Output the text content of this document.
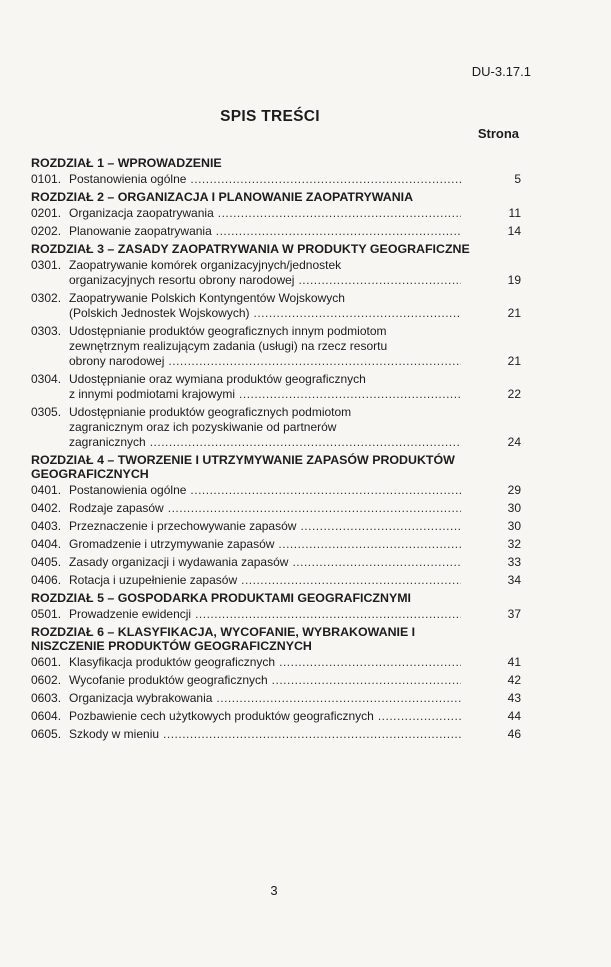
DU-3.17.1
SPIS TREŚCI
Strona
ROZDZIAŁ 1 – WPROWADZENIE
0101. Postanowienia ogólne .....	5
ROZDZIAŁ 2 – ORGANIZACJA I PLANOWANIE ZAOPATRYWANIA
0201. Organizacja zaopatrywania .....	11
0202. Planowanie zaopatrywania .....	14
ROZDZIAŁ 3 – ZASADY ZAOPATRYWANIA W PRODUKTY GEOGRAFICZNE
0301. Zaopatrywanie komórek organizacyjnych/jednostek
organizacyjnych resortu obrony narodowej .....	19
0302. Zaopatrywanie Polskich Kontyngentów Wojskowych
(Polskich Jednostek Wojskowych) .....	21
0303. Udostępnianie produktów geograficznych innym podmiotom
zewnętrznym realizującym zadania (usługi) na rzecz resortu
obrony narodowej .....	21
0304. Udostępnianie oraz wymiana produktów geograficznych
z innymi podmiotami krajowymi .....	22
0305. Udostępnianie produktów geograficznych podmiotom
zagranicznym oraz ich pozyskiwanie od partnerów
zagranicznych .....	24
ROZDZIAŁ 4 – TWORZENIE I UTRZYMYWANIE ZAPASÓW PRODUKTÓW GEOGRAFICZNYCH
0401. Postanowienia ogólne .....	29
0402. Rodzaje zapasów .....	30
0403. Przeznaczenie i przechowywanie zapasów .....	30
0404. Gromadzenie i utrzymywanie zapasów .....	32
0405. Zasady organizacji i wydawania zapasów .....	33
0406. Rotacja i uzupełnienie zapasów .....	34
ROZDZIAŁ 5 – GOSPODARKA PRODUKTAMI GEOGRAFICZNYMI
0501. Prowadzenie ewidencji .....	37
ROZDZIAŁ 6 – KLASYFIKACJA, WYCOFANIE, WYBRAKOWANIE I NISZCZENIE PRODUKTÓW GEOGRAFICZNYCH
0601. Klasyfikacja produktów geograficznych .....	41
0602. Wycofanie produktów geograficznych .....	42
0603. Organizacja wybrakowania .....	43
0604. Pozbawienie cech użytkowych produktów geograficznych .....	44
0605. Szkody w mieniu .....	46
3
